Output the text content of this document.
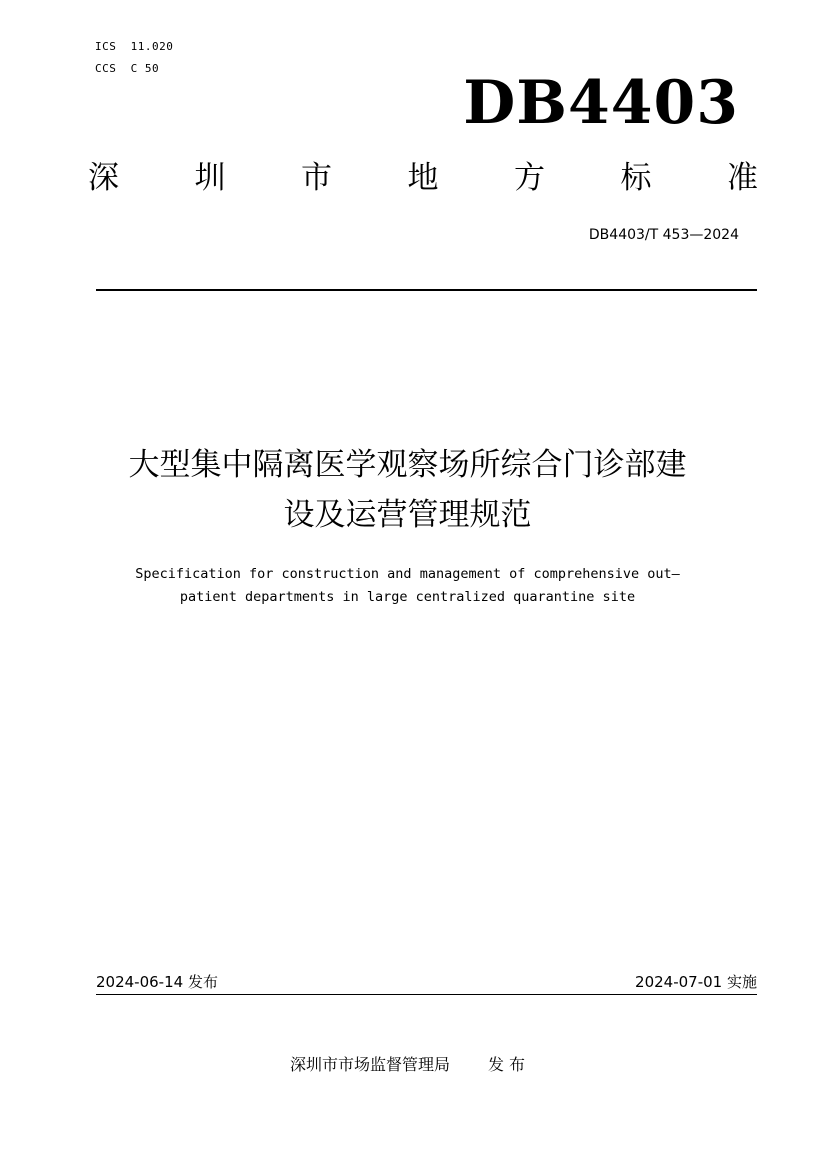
ICS  11.020
CCS  C 50	DB4403
深 圳 市 地 方 标 准
DB4403/T 453—2024
大型集中隔离医学观察场所综合门诊部建
设及运营管理规范
Specification for construction and management of comprehensive out—
patient departments in large centralized quarantine site
2024-06-14 发布	2024-07-01 实施
深圳市市场监督管理局 发 布
